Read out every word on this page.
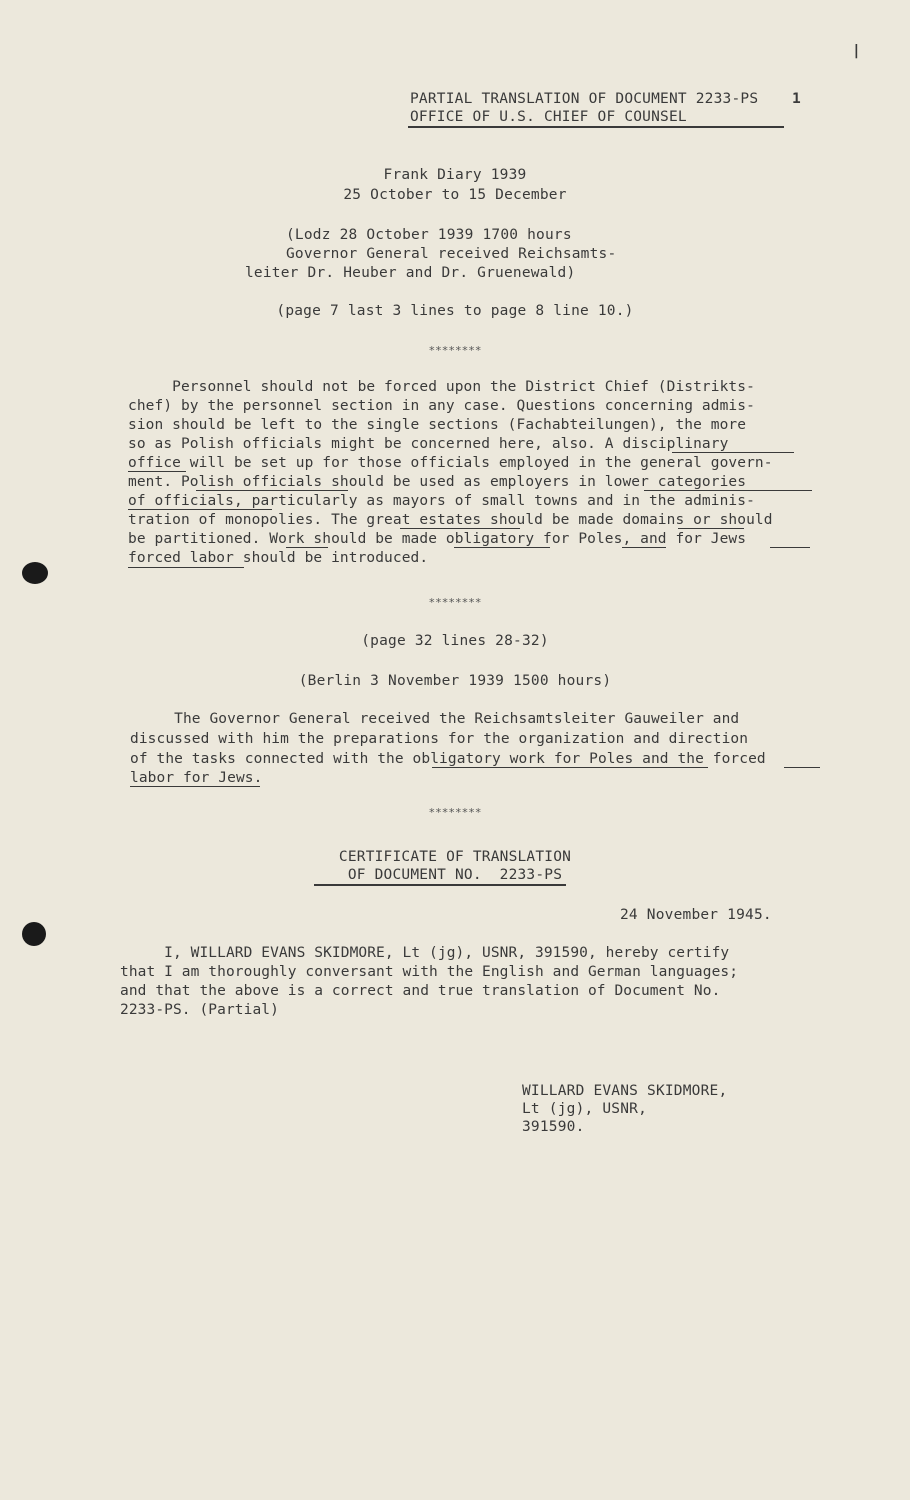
|
PARTIAL TRANSLATION OF DOCUMENT 2233-PS 1
OFFICE OF U.S. CHIEF OF COUNSEL
Frank Diary 1939
25 October to 15 December
(Lodz 28 October 1939 1700 hours
Governor General received Reichsamts-
leiter Dr. Heuber and Dr. Gruenewald)
(page 7 last 3 lines to page 8 line 10.)
********
Personnel should not be forced upon the District Chief (Distrikts-
chef) by the personnel section in any case. Questions concerning admis-
sion should be left to the single sections (Fachabteilungen), the more
so as Polish officials might be concerned here, also. A disciplinary
office will be set up for those officials employed in the general govern-
ment. Polish officials should be used as employers in lower categories
of officials, particularly as mayors of small towns and in the adminis-
tration of monopolies. The great estates should be made domains or should
be partitioned. Work should be made obligatory for Poles, and for Jews
forced labor should be introduced.
********
(page 32 lines 28-32)
(Berlin 3 November 1939 1500 hours)
The Governor General received the Reichsamtsleiter Gauweiler and
discussed with him the preparations for the organization and direction
of the tasks connected with the obligatory work for Poles and the forced
labor for Jews.
********
CERTIFICATE OF TRANSLATION
OF DOCUMENT NO.  2233-PS
24 November 1945.
I, WILLARD EVANS SKIDMORE, Lt (jg), USNR, 391590, hereby certify
that I am thoroughly conversant with the English and German languages;
and that the above is a correct and true translation of Document No.
2233-PS. (Partial)
WILLARD EVANS SKIDMORE,
Lt (jg), USNR,
391590.
